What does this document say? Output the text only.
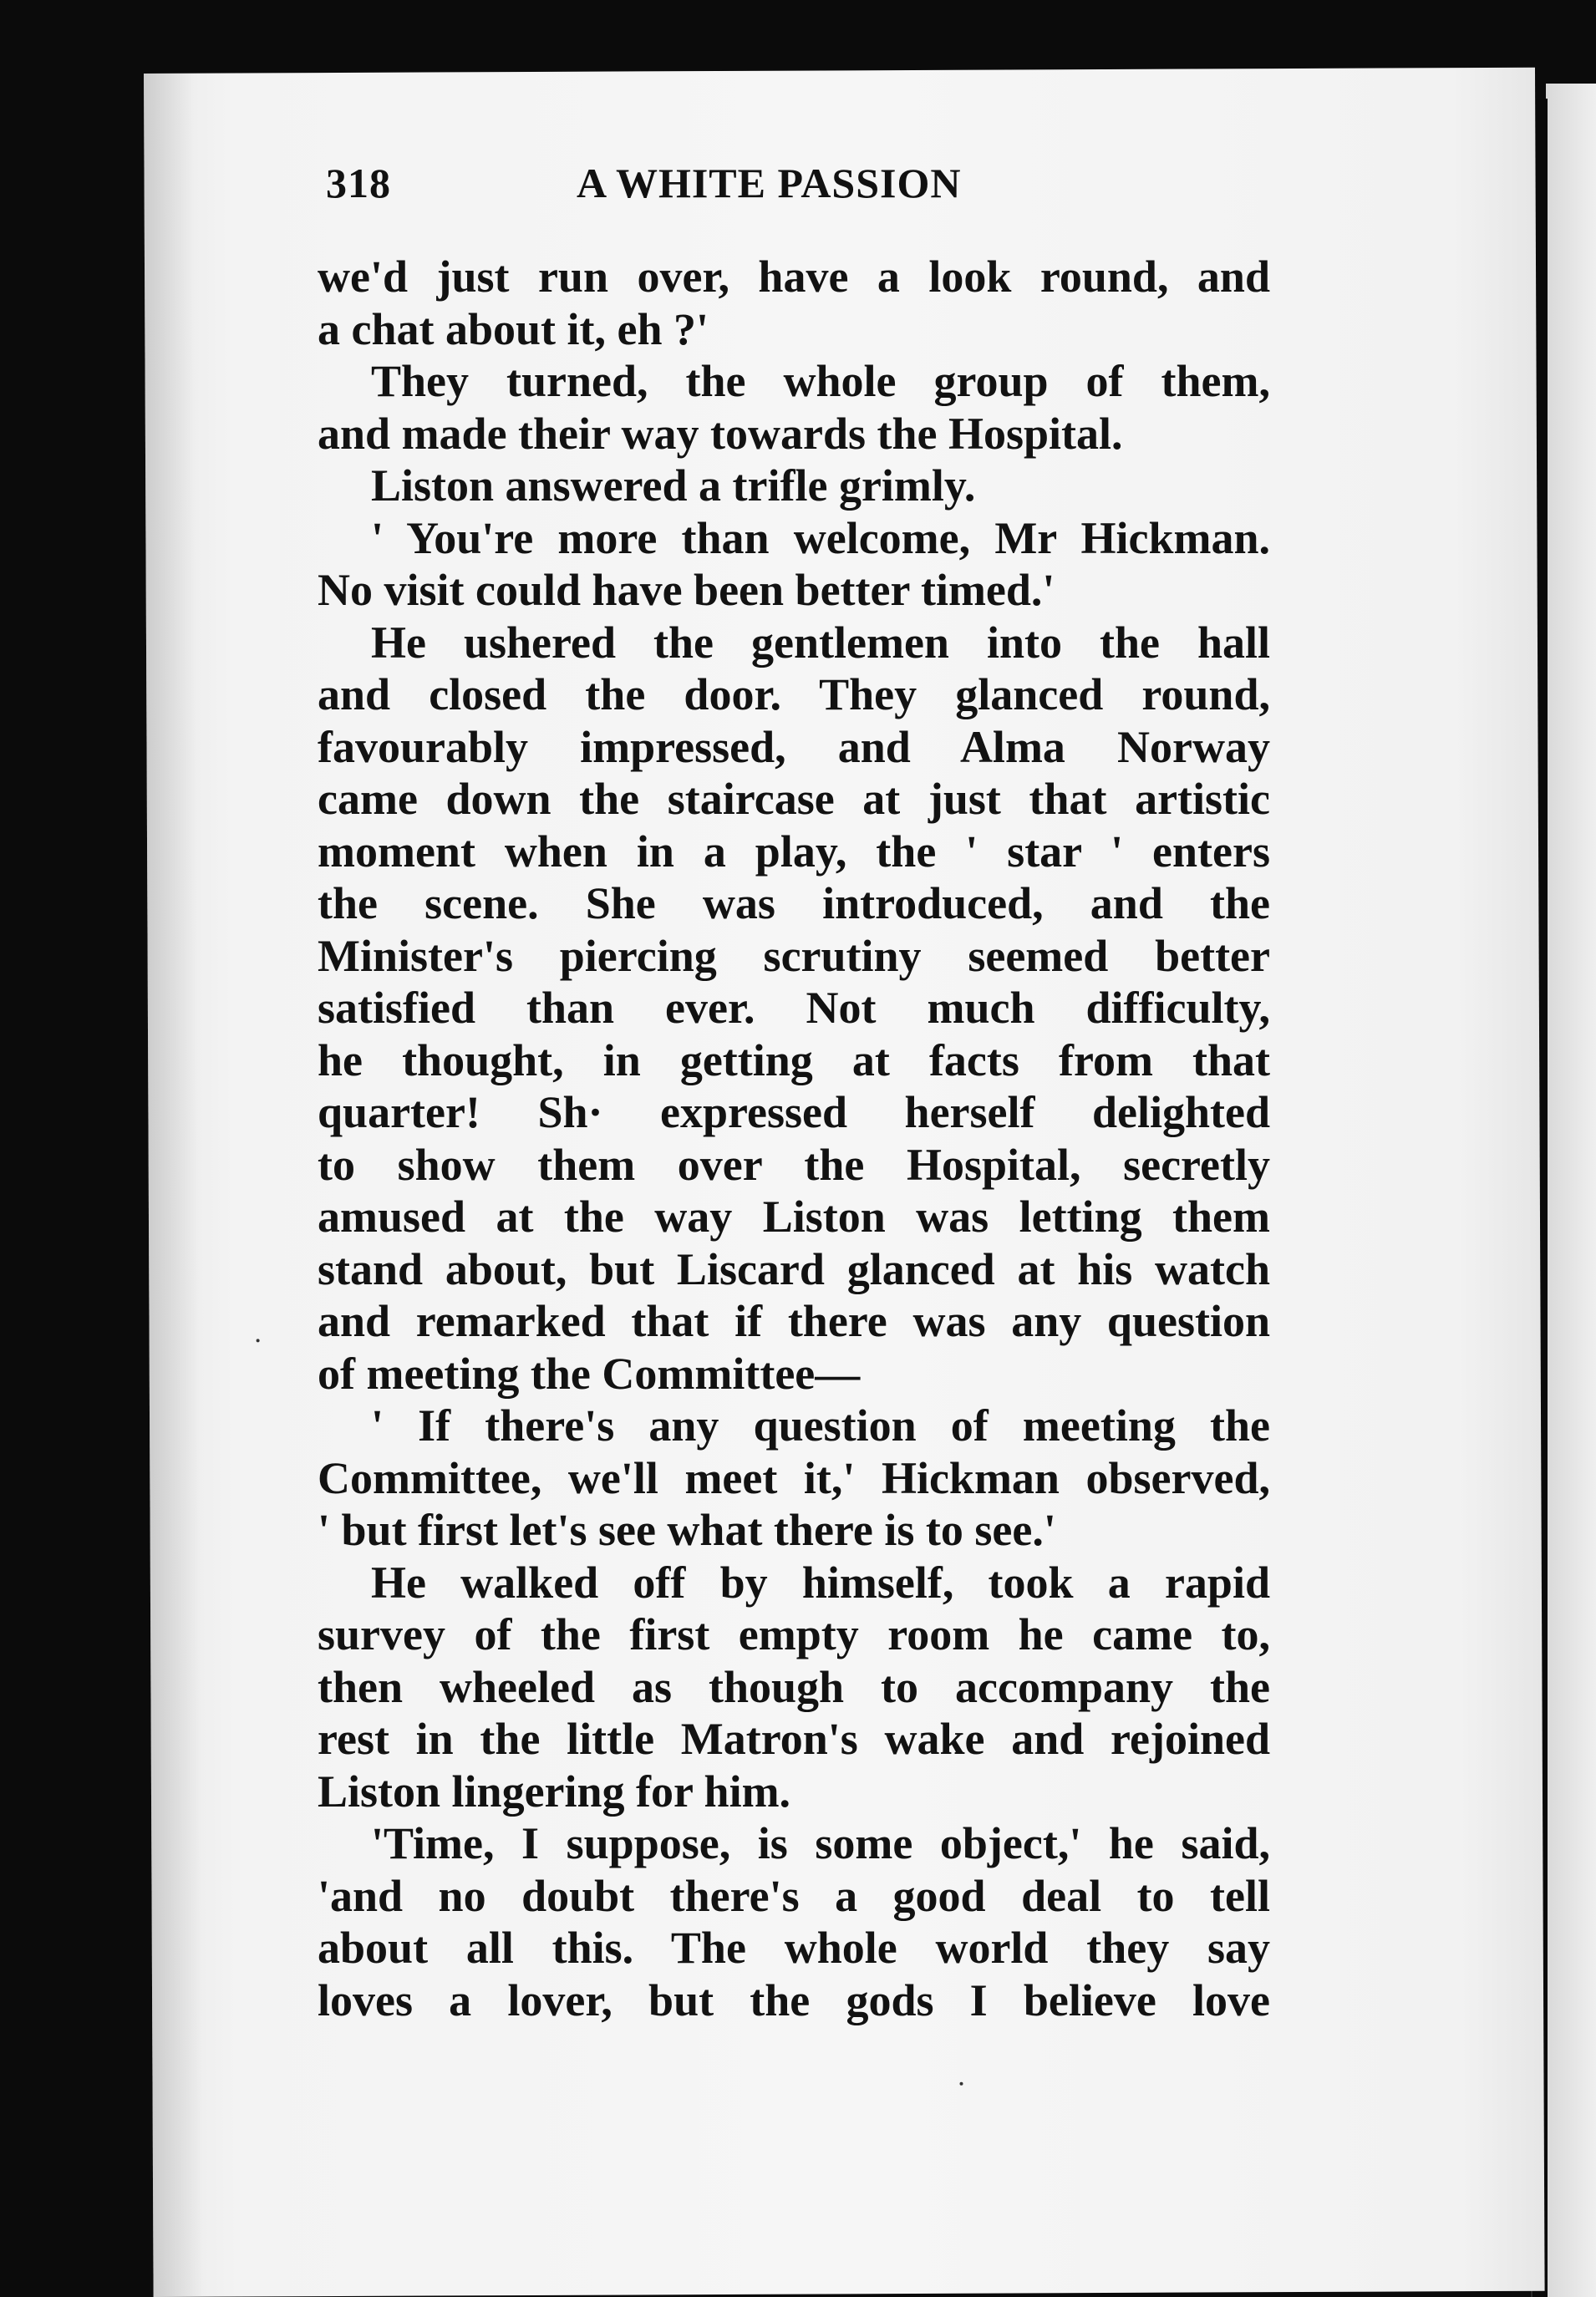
318	A WHITE PASSION
we'd just run over, have a look round, and
a chat about it, eh ?'
They turned, the whole group of them,
and made their way towards the Hospital.
Liston answered a trifle grimly.
' You're more than welcome, Mr Hickman.
No visit could have been better timed.'
He ushered the gentlemen into the hall
and closed the door. They glanced round,
favourably impressed, and Alma Norway
came down the staircase at just that artistic
moment when in a play, the ' star ' enters
the scene. She was introduced, and the
Minister's piercing scrutiny seemed better
satisfied than ever. Not much difficulty,
he thought, in getting at facts from that
quarter! Sh· expressed herself delighted
to show them over the Hospital, secretly
amused at the way Liston was letting them
stand about, but Liscard glanced at his watch
and remarked that if there was any question
of meeting the Committee—
' If there's any question of meeting the
Committee, we'll meet it,' Hickman observed,
' but first let's see what there is to see.'
He walked off by himself, took a rapid
survey of the first empty room he came to,
then wheeled as though to accompany the
rest in the little Matron's wake and rejoined
Liston lingering for him.
'Time, I suppose, is some object,' he said,
'and no doubt there's a good deal to tell
about all this. The whole world they say
loves a lover, but the gods I believe love
